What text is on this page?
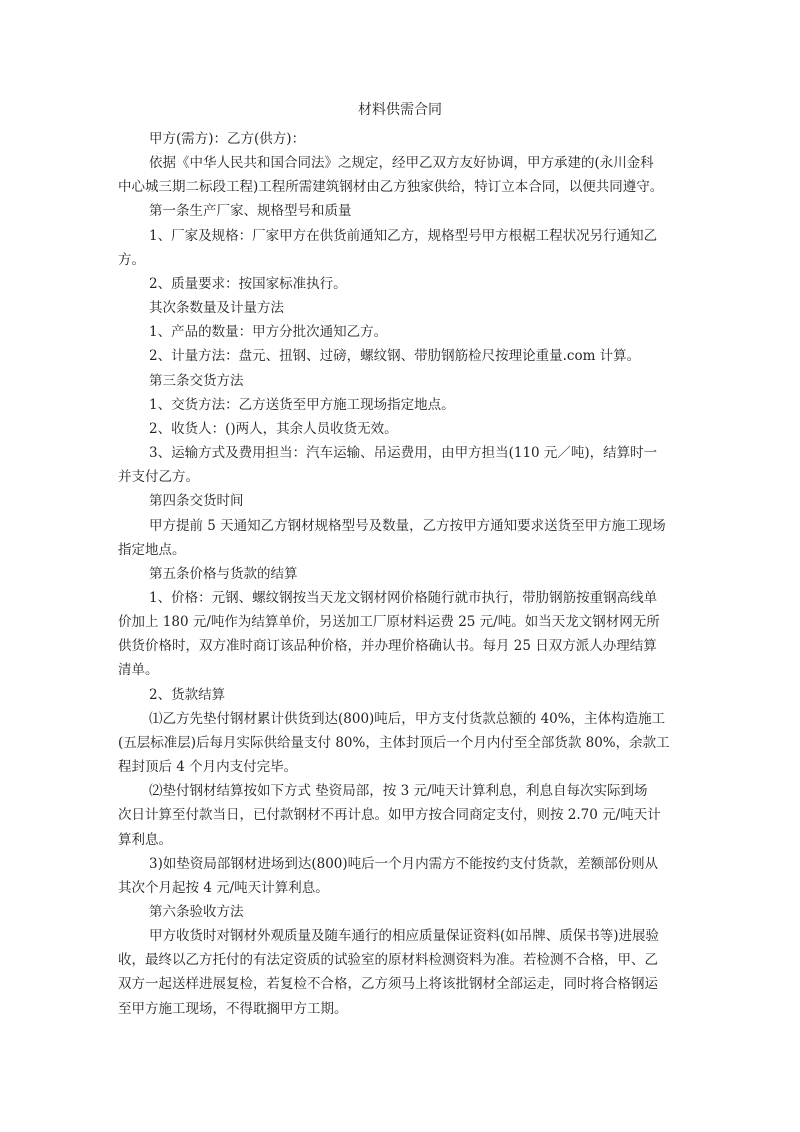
材料供需合同

甲方(需方)：乙方(供方)：

依据《中华人民共和国合同法》之规定，经甲乙双方友好协调，甲方承建的(永川金科

中心城三期二标段工程)工程所需建筑钢材由乙方独家供给，特订立本合同，以便共同遵守。

第一条生产厂家、规格型号和质量

1、厂家及规格：厂家甲方在供货前通知乙方，规格型号甲方根椐工程状况另行通知乙

方。

2、质量要求：按国家标准执行。

其次条数量及计量方法

1、产品的数量：甲方分批次通知乙方。

2、计量方法：盘元、扭钢、过磅，螺纹钢、带肋钢筋检尺按理论重量.com 计算。

第三条交货方法

1、交货方法：乙方送货至甲方施工现场指定地点。

2、收货人：()两人，其余人员收货无效。

3、运输方式及费用担当：汽车运输、吊运费用，由甲方担当(110 元／吨)，结算时一

并支付乙方。

第四条交货时间

甲方提前 5 天通知乙方钢材规格型号及数量，乙方按甲方通知要求送货至甲方施工现场

指定地点。

第五条价格与货款的结算

1、价格：元钢、螺纹钢按当天龙文钢材网价格随行就市执行，带肋钢筋按重钢高线单

价加上 180 元/吨作为结算单价，另送加工厂原材料运费 25 元/吨。如当天龙文钢材网无所

供货价格时，双方准时商订该品种价格，并办理价格确认书。每月 25 日双方派人办理结算

清单。

2、货款结算

⑴乙方先垫付钢材累计供货到达(800)吨后，甲方支付货款总额的 40%，主体构造施工

(五层标准层)后每月实际供给量支付 80%，主体封顶后一个月内付至全部货款 80%，余款工

程封顶后 4 个月内支付完毕。

⑵垫付钢材结算按如下方式 垫资局部，按 3 元/吨天计算利息，利息自每次实际到场

次日计算至付款当日，已付款钢材不再计息。如甲方按合同商定支付，则按 2.70 元/吨天计

算利息。

3)如垫资局部钢材进场到达(800)吨后一个月内需方不能按约支付货款，差额部份则从

其次个月起按 4 元/吨天计算利息。

第六条验收方法

甲方收货时对钢材外观质量及随车通行的相应质量保证资料(如吊牌、质保书等)进展验

收，最终以乙方托付的有法定资质的试验室的原材料检测资料为准。若检测不合格，甲、乙

双方一起送样进展复检，若复检不合格，乙方须马上将该批钢材全部运走，同时将合格钢运

至甲方施工现场，不得耽搁甲方工期。
